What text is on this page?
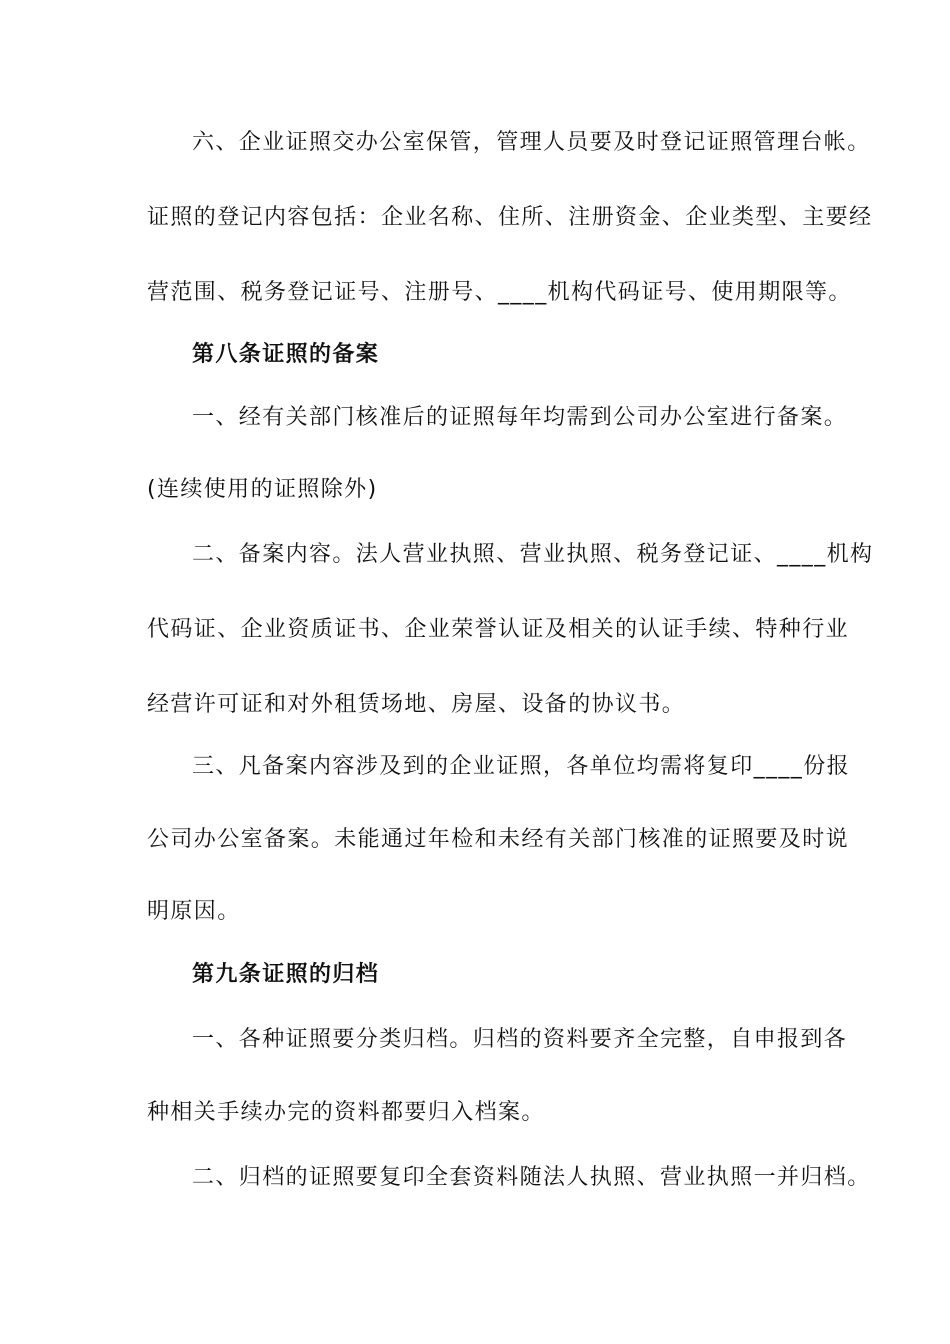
六、企业证照交办公室保管，管理人员要及时登记证照管理台帐。
证照的登记内容包括：企业名称、住所、注册资金、企业类型、主要经
营范围、税务登记证号、注册号、____机构代码证号、使用期限等。
第八条证照的备案
一、经有关部门核准后的证照每年均需到公司办公室进行备案。
(连续使用的证照除外)
二、备案内容。法人营业执照、营业执照、税务登记证、____机构
代码证、企业资质证书、企业荣誉认证及相关的认证手续、特种行业
经营许可证和对外租赁场地、房屋、设备的协议书。
三、凡备案内容涉及到的企业证照，各单位均需将复印____份报
公司办公室备案。未能通过年检和未经有关部门核准的证照要及时说
明原因。
第九条证照的归档
一、各种证照要分类归档。归档的资料要齐全完整，自申报到各
种相关手续办完的资料都要归入档案。
二、归档的证照要复印全套资料随法人执照、营业执照一并归档。
